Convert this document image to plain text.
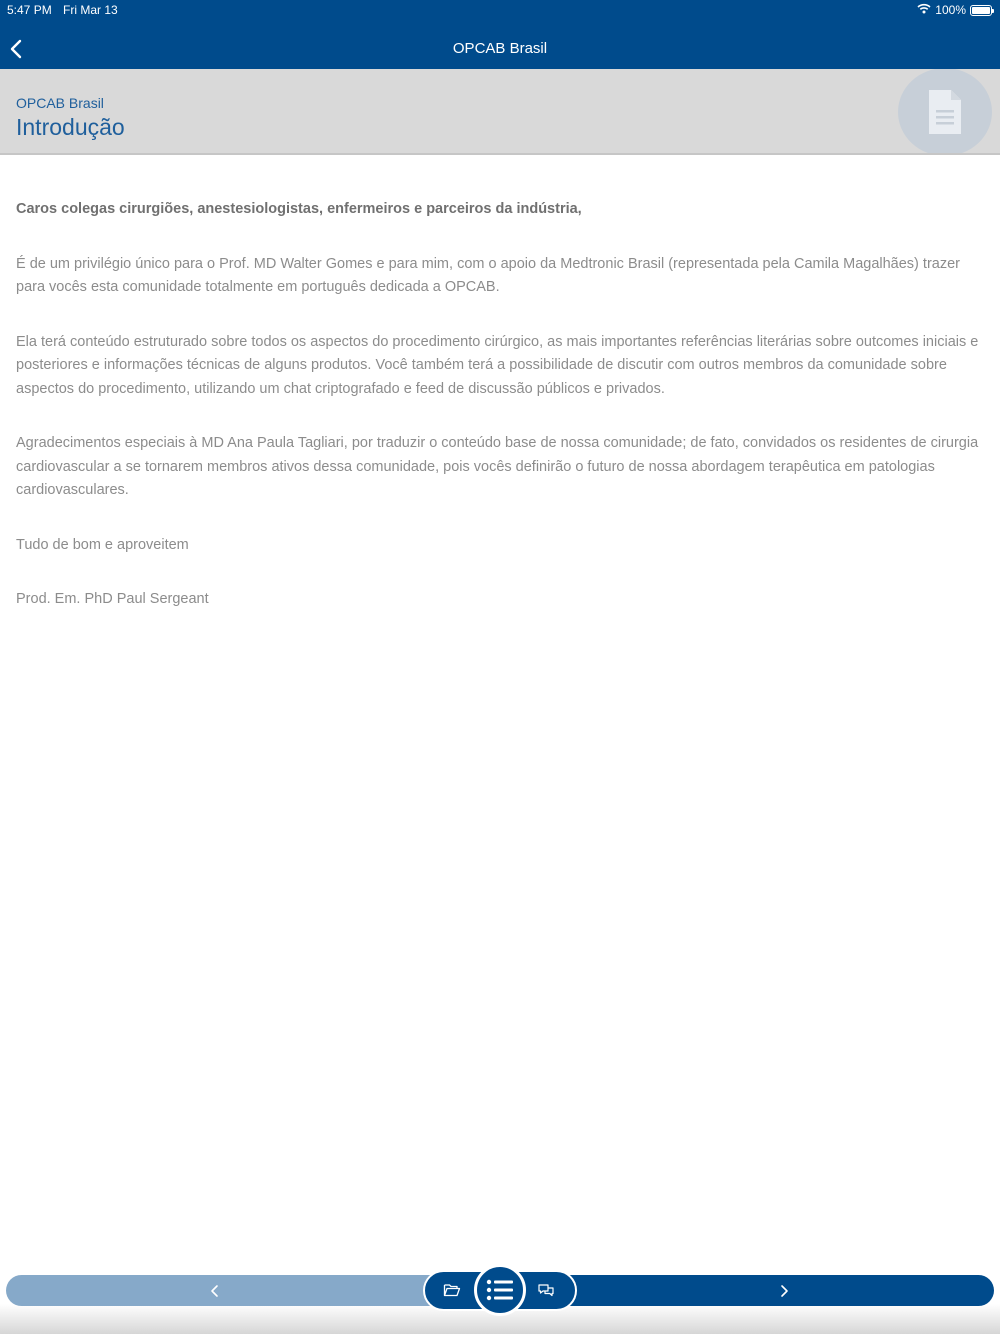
5:47 PM Fri Mar 13	100%
OPCAB Brasil
OPCAB Brasil
Introdução

Caros colegas cirurgiões, anestesiologistas, enfermeiros e parceiros da indústria,

É de um privilégio único para o Prof. MD Walter Gomes e para mim, com o apoio da Medtronic Brasil (representada pela Camila Magalhães) trazer para vocês esta comunidade totalmente em português dedicada a OPCAB.

Ela terá conteúdo estruturado sobre todos os aspectos do procedimento cirúrgico, as mais importantes referências literárias sobre outcomes iniciais e posteriores e informações técnicas de alguns produtos. Você também terá a possibilidade de discutir com outros membros da comunidade sobre aspectos do procedimento, utilizando um chat criptografado e feed de discussão públicos e privados.

Agradecimentos especiais à MD Ana Paula Tagliari, por traduzir o conteúdo base de nossa comunidade; de fato, convidados os residentes de cirurgia cardiovascular a se tornarem membros ativos dessa comunidade, pois vocês definirão o futuro de nossa abordagem terapêutica em patologias cardiovasculares.

Tudo de bom e aproveitem

Prod. Em. PhD Paul Sergeant
